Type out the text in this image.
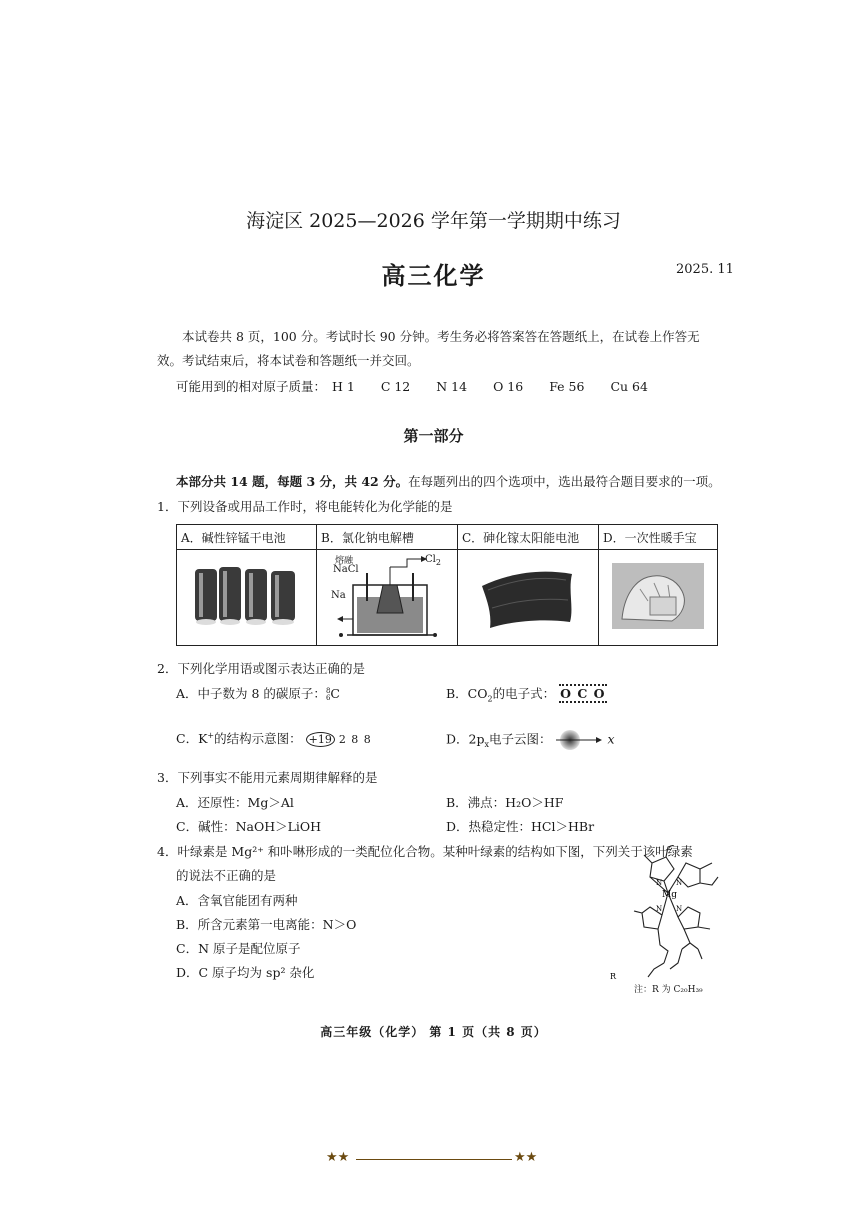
海淀区 2025—2026 学年第一学期期中练习
高三化学	2025. 11
本试卷共 8 页，100 分。考试时长 90 分钟。考生务必将答案答在答题纸上，在试卷上作答无
效。考试结束后，将本试卷和答题纸一并交回。
可能用到的相对原子质量： H 1 C 12 N 14 O 16 Fe 56 Cu 64
第一部分
本部分共 14 题，每题 3 分，共 42 分。在每题列出的四个选项中，选出最符合题目要求的一项。
1．下列设备或用品工作时，将电能转化为化学能的是
A．碱性锌锰干电池	B．氯化钠电解槽	C．砷化镓太阳能电池	D．一次性暖手宝

熔融
NaCl
$Cl_2$
Na

2．下列化学用语或图示表达正确的是
A．中子数为 8 的碳原子：8
6C	B．$CO_2$的电子式： O C O
C．K+的结构示意图： +19 2 8 8	D．$2p_x$电子云图：	x
3．下列事实不能用元素周期律解释的是
A．还原性：Mg＞Al	B．沸点：H₂O＞HF
C．碱性：NaOH＞LiOH	D．热稳定性：HCl＞HBr
4．叶绿素是 Mg²⁺ 和卟啉形成的一类配位化合物。某种叶绿素的结构如下图，下列关于该叶绿素
的说法不正确的是
A．含氧官能团有两种
B．所含元素第一电离能：N＞O
C．N 原子是配位原子
D．C 原子均为 sp² 杂化
Mg
N N
N N
R
注：R 为 C₂₀H₃₉
高三年级（化学） 第 1 页（共 8 页）
★★	★★
